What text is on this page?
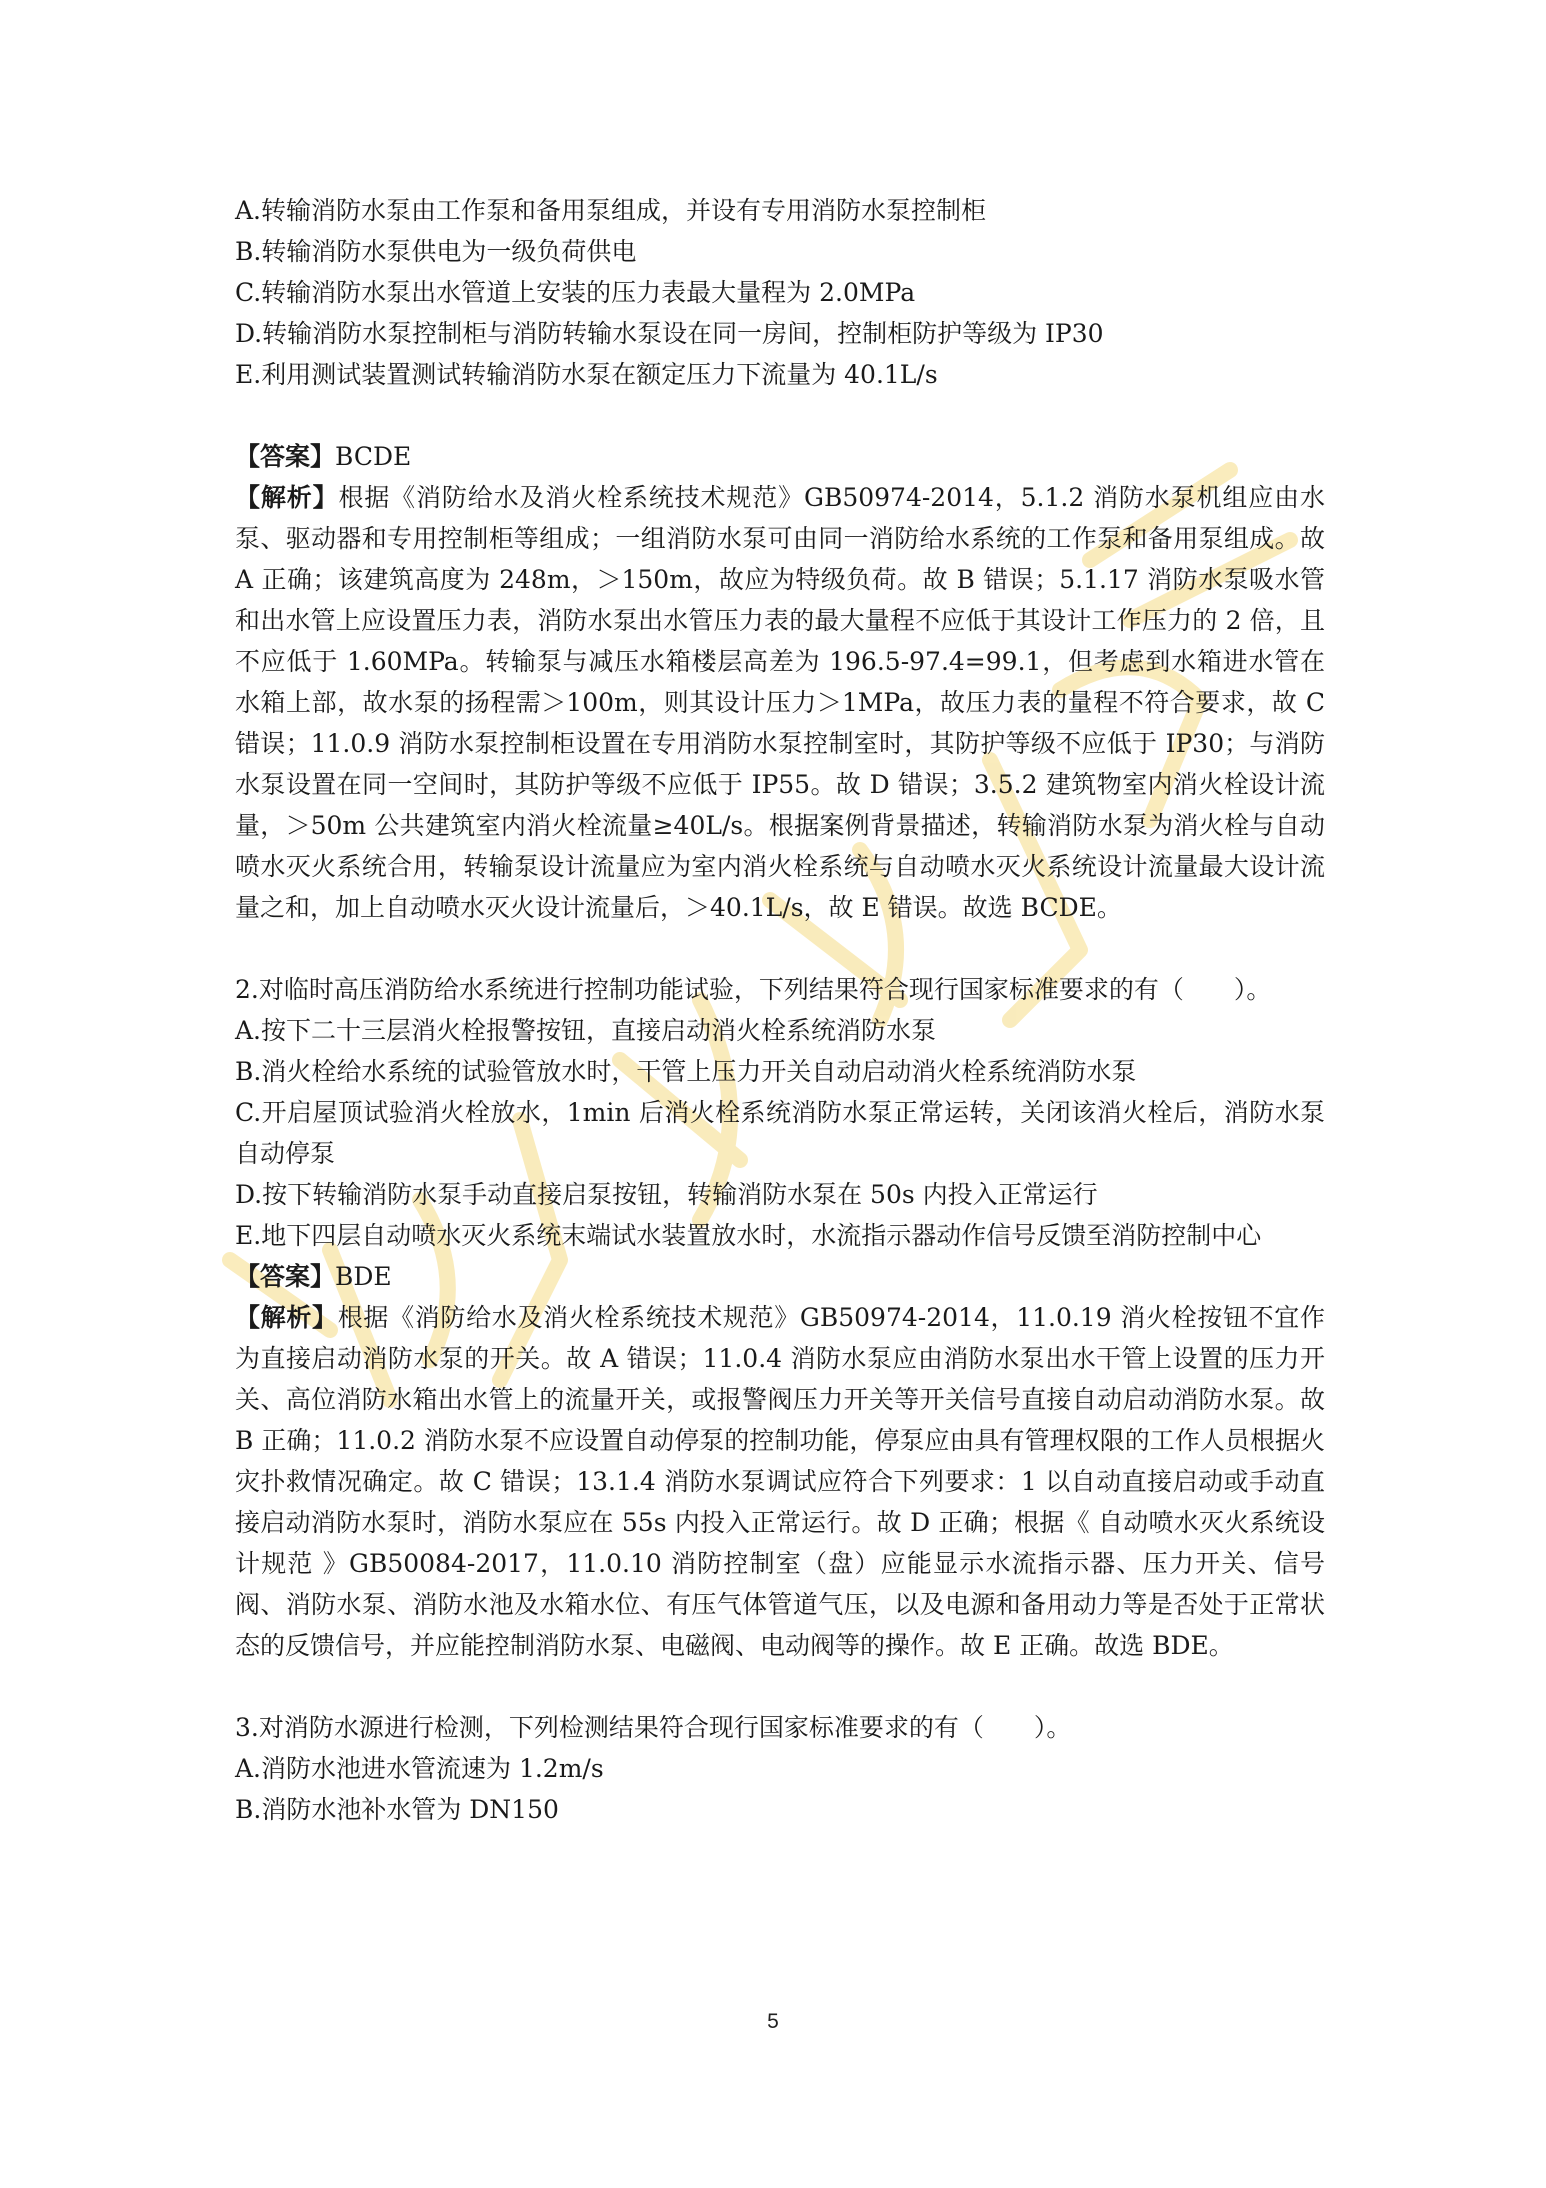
A.转输消防水泵由工作泵和备用泵组成，并设有专用消防水泵控制柜
B.转输消防水泵供电为一级负荷供电
C.转输消防水泵出水管道上安装的压力表最大量程为 2.0MPa
D.转输消防水泵控制柜与消防转输水泵设在同一房间，控制柜防护等级为 IP30
E.利用测试装置测试转输消防水泵在额定压力下流量为 40.1L/s
【答案】BCDE
【解析】根据《消防给水及消火栓系统技术规范》GB50974-2014，5.1.2 消防水泵机组应由水泵、驱动器和专用控制柜等组成；一组消防水泵可由同一消防给水系统的工作泵和备用泵组成。故 A 正确；该建筑高度为 248m，＞150m，故应为特级负荷。故 B 错误；5.1.17 消防水泵吸水管和出水管上应设置压力表，消防水泵出水管压力表的最大量程不应低于其设计工作压力的 2 倍，且不应低于 1.60MPa。转输泵与减压水箱楼层高差为 196.5-97.4=99.1，但考虑到水箱进水管在水箱上部，故水泵的扬程需＞100m，则其设计压力＞1MPa，故压力表的量程不符合要求，故 C 错误；11.0.9 消防水泵控制柜设置在专用消防水泵控制室时，其防护等级不应低于 IP30；与消防水泵设置在同一空间时，其防护等级不应低于 IP55。故 D 错误；3.5.2 建筑物室内消火栓设计流量，＞50m 公共建筑室内消火栓流量≥40L/s。根据案例背景描述，转输消防水泵为消火栓与自动喷水灭火系统合用，转输泵设计流量应为室内消火栓系统与自动喷水灭火系统设计流量最大设计流量之和，加上自动喷水灭火设计流量后，＞40.1L/s，故 E 错误。故选 BCDE。
2.对临时高压消防给水系统进行控制功能试验，下列结果符合现行国家标准要求的有（　　）。
A.按下二十三层消火栓报警按钮，直接启动消火栓系统消防水泵
B.消火栓给水系统的试验管放水时，干管上压力开关自动启动消火栓系统消防水泵
C.开启屋顶试验消火栓放水，1min 后消火栓系统消防水泵正常运转，关闭该消火栓后，消防水泵自动停泵
D.按下转输消防水泵手动直接启泵按钮，转输消防水泵在 50s 内投入正常运行
E.地下四层自动喷水灭火系统末端试水装置放水时，水流指示器动作信号反馈至消防控制中心
【答案】BDE
【解析】根据《消防给水及消火栓系统技术规范》GB50974-2014，11.0.19 消火栓按钮不宜作为直接启动消防水泵的开关。故 A 错误；11.0.4 消防水泵应由消防水泵出水干管上设置的压力开关、高位消防水箱出水管上的流量开关，或报警阀压力开关等开关信号直接自动启动消防水泵。故 B 正确；11.0.2 消防水泵不应设置自动停泵的控制功能，停泵应由具有管理权限的工作人员根据火灾扑救情况确定。故 C 错误；13.1.4 消防水泵调试应符合下列要求：1 以自动直接启动或手动直接启动消防水泵时，消防水泵应在 55s 内投入正常运行。故 D 正确；根据《 自动喷水灭火系统设计规范 》GB50084-2017，11.0.10 消防控制室（盘）应能显示水流指示器、压力开关、信号阀、消防水泵、消防水池及水箱水位、有压气体管道气压，以及电源和备用动力等是否处于正常状态的反馈信号，并应能控制消防水泵、电磁阀、电动阀等的操作。故 E 正确。故选 BDE。
3.对消防水源进行检测，下列检测结果符合现行国家标准要求的有（　　）。
A.消防水池进水管流速为 1.2m/s
B.消防水池补水管为 DN150
5
